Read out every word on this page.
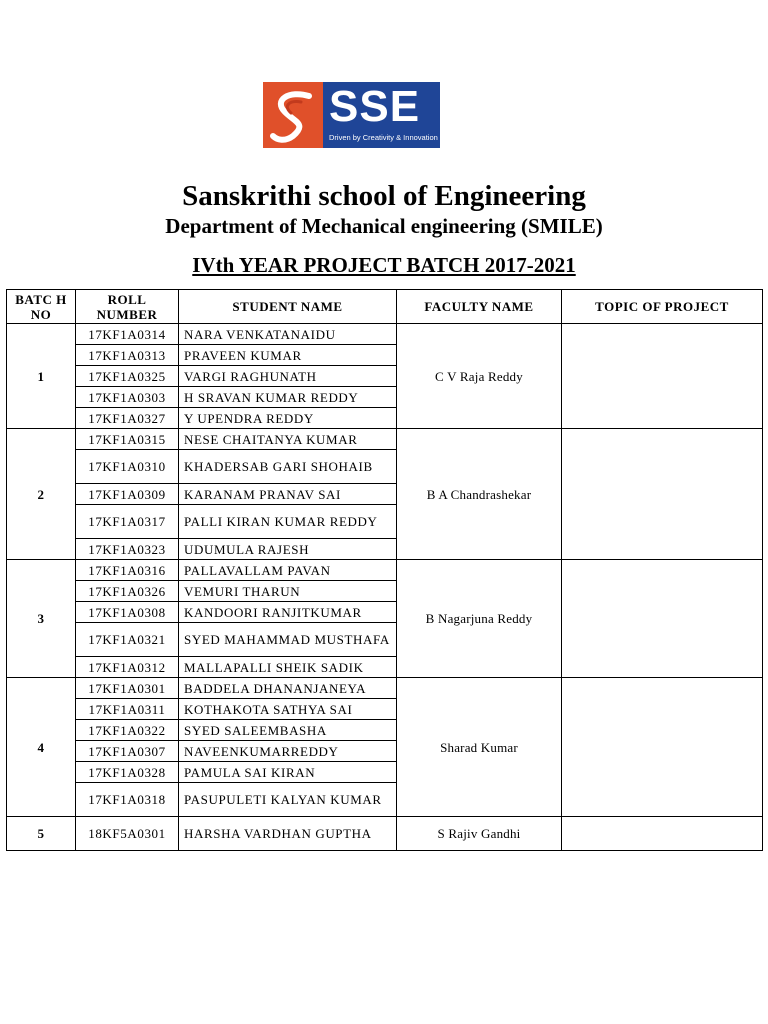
SSE
Driven by Creativity & Innovation
Sanskrithi school of Engineering
Department of Mechanical engineering (SMILE)
IVth YEAR PROJECT BATCH 2017-2021
BATC H NO	ROLL NUMBER	STUDENT NAME	FACULTY NAME	TOPIC OF PROJECT
1	17KF1A0314	NARA VENKATANAIDU	C V Raja Reddy	
	17KF1A0313	PRAVEEN KUMAR		
	17KF1A0325	VARGI RAGHUNATH		
	17KF1A0303	H SRAVAN KUMAR REDDY		
	17KF1A0327	Y UPENDRA REDDY		
2	17KF1A0315	NESE CHAITANYA KUMAR	B A Chandrashekar	
	17KF1A0310	KHADERSAB GARI SHOHAIB		
	17KF1A0309	KARANAM PRANAV SAI		
	17KF1A0317	PALLI KIRAN KUMAR REDDY		
	17KF1A0323	UDUMULA RAJESH		
3	17KF1A0316	PALLAVALLAM PAVAN	B Nagarjuna Reddy	
	17KF1A0326	VEMURI THARUN		
	17KF1A0308	KANDOORI RANJITKUMAR		
	17KF1A0321	SYED MAHAMMAD MUSTHAFA		
	17KF1A0312	MALLAPALLI SHEIK SADIK		
4	17KF1A0301	BADDELA DHANANJANEYA	Sharad Kumar	
	17KF1A0311	KOTHAKOTA SATHYA SAI		
	17KF1A0322	SYED SALEEMBASHA		
	17KF1A0307	NAVEENKUMARREDDY		
	17KF1A0328	PAMULA SAI KIRAN		
	17KF1A0318	PASUPULETI KALYAN KUMAR		
5	18KF5A0301	HARSHA VARDHAN GUPTHA	S Rajiv Gandhi	
